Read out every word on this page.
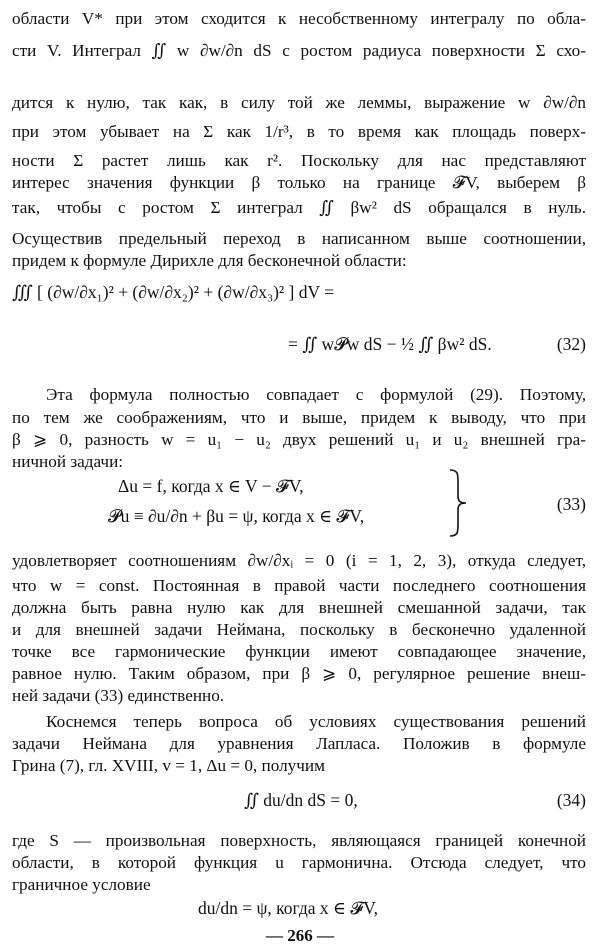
области V* при этом сходится к несобственному интегралу по обла-
сти V. Интеграл ∬ w ∂w/∂n dS с ростом радиуса поверхности Σ схо-
дится к нулю, так как, в силу той же леммы, выражение w ∂w/∂n
при этом убывает на Σ как 1/r³, в то время как площадь поверх-
ности Σ растет лишь как r². Поскольку для нас представляют
интерес значения функции β только на границе 𝓕V, выберем β
так, чтобы с ростом Σ интеграл ∬ βw² dS обращался в нуль.
Осуществив предельный переход в написанном выше соотношении,
придем к формуле Дирихле для бесконечной области:
∭ [ (∂w/∂x₁)² + (∂w/∂x₂)² + (∂w/∂x₃)² ] dV =
= ∬ w𝓟w dS − ½ ∬ βw² dS.	(32)
Эта формула полностью совпадает с формулой (29). Поэтому,
по тем же соображениям, что и выше, придем к выводу, что при
β ⩾ 0, разность w = u₁ − u₂ двух решений u₁ и u₂ внешней гра-
ничной задачи:
Δu = f, когда x ∈ V − 𝓕V,
𝓟u ≡ ∂u/∂n + βu = ψ, когда x ∈ 𝓕V,
(33)
удовлетворяет соотношениям ∂w/∂xᵢ = 0 (i = 1, 2, 3), откуда следует,
что w = const. Постоянная в правой части последнего соотношения
должна быть равна нулю как для внешней смешанной задачи, так
и для внешней задачи Неймана, поскольку в бесконечно удаленной
точке все гармонические функции имеют совпадающее значение,
равное нулю. Таким образом, при β ⩾ 0, регулярное решение внеш-
ней задачи (33) единственно.
Коснемся теперь вопроса об условиях существования решений
задачи Неймана для уравнения Лапласа. Положив в формуле
Грина (7), гл. XVIII, v = 1, Δu = 0, получим
∬ du/dn dS = 0,	(34)
где S — произвольная поверхность, являющаяся границей конечной
области, в которой функция u гармонична. Отсюда следует, что
граничное условие
du/dn = ψ, когда x ∈ 𝓕V,
— 266 —
